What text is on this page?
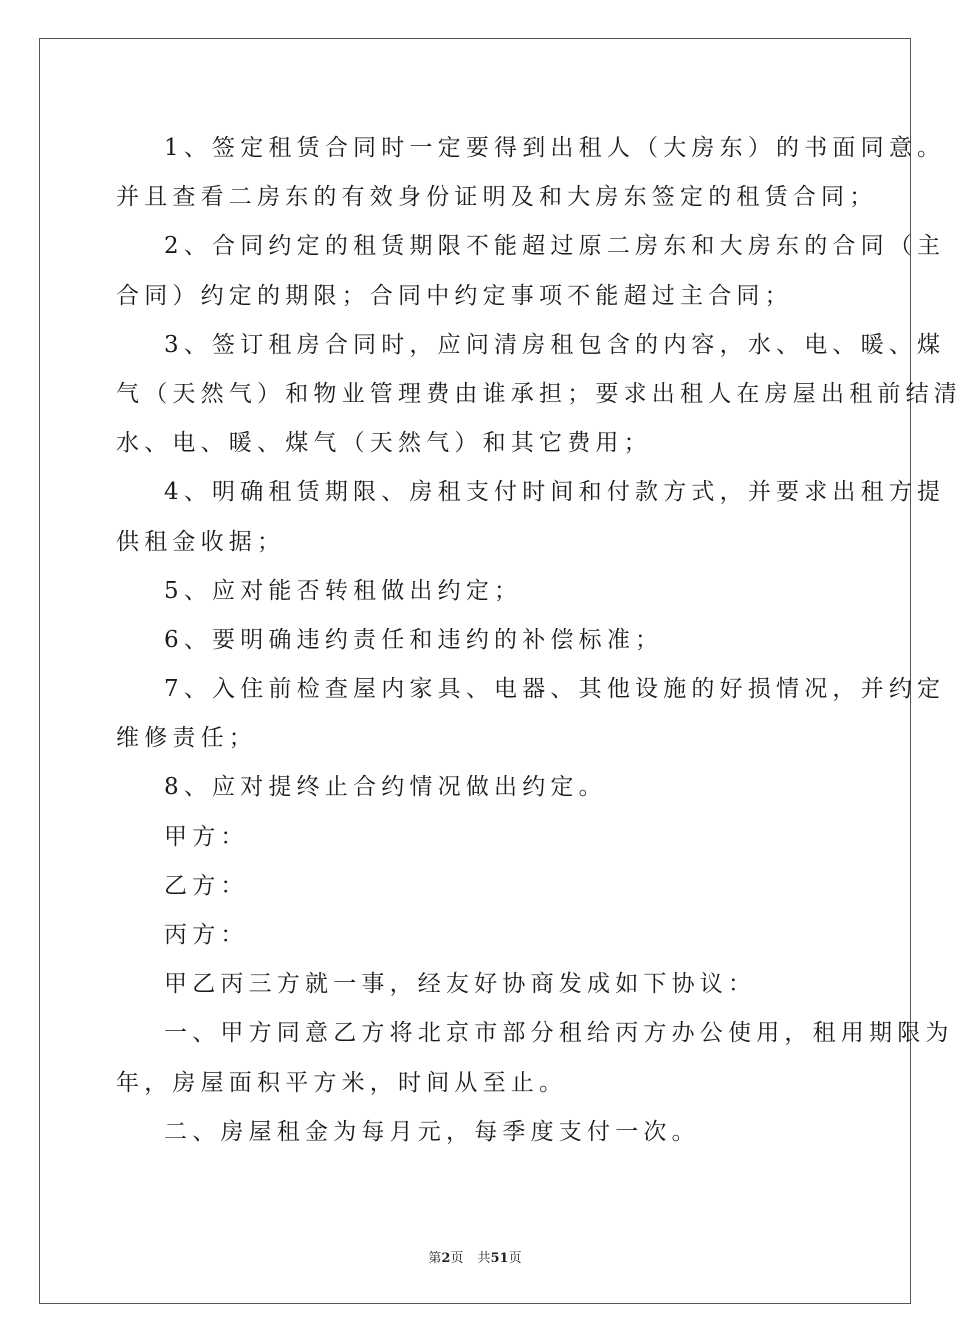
1、签定租赁合同时一定要得到出租人（大房东）的书面同意。
并且查看二房东的有效身份证明及和大房东签定的租赁合同；
2、合同约定的租赁期限不能超过原二房东和大房东的合同（主
合同）约定的期限；合同中约定事项不能超过主合同；
3、签订租房合同时，应问清房租包含的内容，水、电、暖、煤
气（天然气）和物业管理费由谁承担；要求出租人在房屋出租前结清
水、电、暖、煤气（天然气）和其它费用；
4、明确租赁期限、房租支付时间和付款方式，并要求出租方提
供租金收据；
5、应对能否转租做出约定；
6、要明确违约责任和违约的补偿标准；
7、入住前检查屋内家具、电器、其他设施的好损情况，并约定
维修责任；
8、应对提终止合约情况做出约定。
甲方：
乙方：
丙方：
甲乙丙三方就一事，经友好协商发成如下协议：
一、甲方同意乙方将北京市部分租给丙方办公使用，租用期限为
年，房屋面积平方米，时间从至止。
二、房屋租金为每月元，每季度支付一次。
第2页 共51页
